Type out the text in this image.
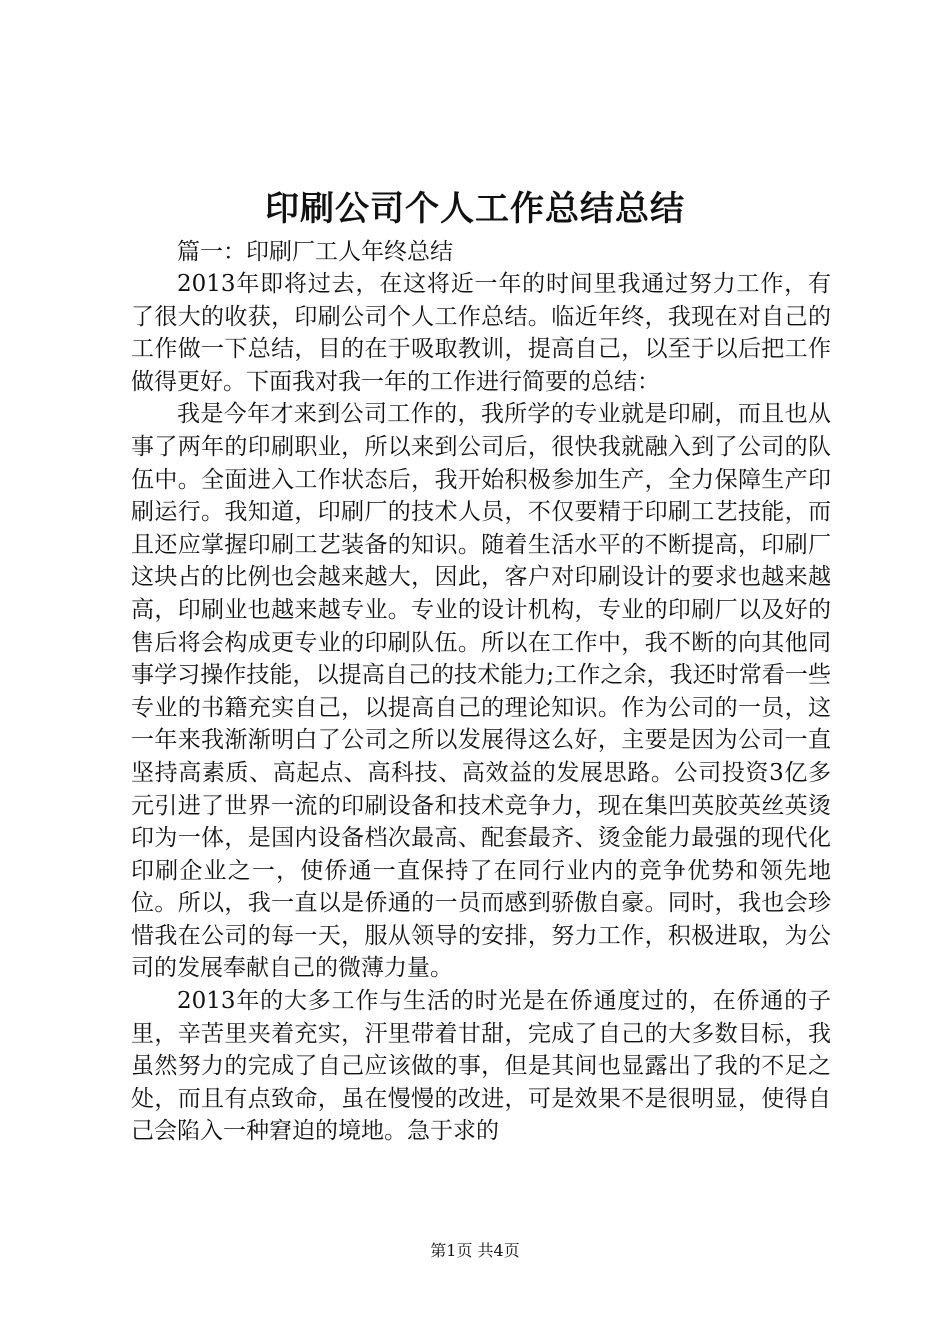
印刷公司个人工作总结总结

篇一：印刷厂工人年终总结

2013年即将过去，在这将近一年的时间里我通过努力工作，有了很大的收获，印刷公司个人工作总结。临近年终，我现在对自己的工作做一下总结，目的在于吸取教训，提高自己，以至于以后把工作做得更好。下面我对我一年的工作进行简要的总结：

我是今年才来到公司工作的，我所学的专业就是印刷，而且也从事了两年的印刷职业，所以来到公司后，很快我就融入到了公司的队伍中。全面进入工作状态后，我开始积极参加生产，全力保障生产印刷运行。我知道，印刷厂的技术人员，不仅要精于印刷工艺技能，而且还应掌握印刷工艺装备的知识。随着生活水平的不断提高，印刷厂这块占的比例也会越来越大，因此，客户对印刷设计的要求也越来越高，印刷业也越来越专业。专业的设计机构，专业的印刷厂以及好的售后将会构成更专业的印刷队伍。所以在工作中，我不断的向其他同事学习操作技能，以提高自己的技术能力;工作之余，我还时常看一些专业的书籍充实自己，以提高自己的理论知识。作为公司的一员，这一年来我渐渐明白了公司之所以发展得这么好，主要是因为公司一直坚持高素质、高起点、高科技、高效益的发展思路。公司投资3亿多元引进了世界一流的印刷设备和技术竞争力，现在集凹英胶英丝英烫印为一体，是国内设备档次最高、配套最齐、烫金能力最强的现代化印刷企业之一，使侨通一直保持了在同行业内的竞争优势和领先地位。所以，我一直以是侨通的一员而感到骄傲自豪。同时，我也会珍惜我在公司的每一天，服从领导的安排，努力工作，积极进取，为公司的发展奉献自己的微薄力量。

2013年的大多工作与生活的时光是在侨通度过的，在侨通的子里，辛苦里夹着充实，汗里带着甘甜，完成了自己的大多数目标，我虽然努力的完成了自己应该做的事，但是其间也显露出了我的不足之处，而且有点致命，虽在慢慢的改进，可是效果不是很明显，使得自己会陷入一种窘迫的境地。急于求的

第1页 共4页
